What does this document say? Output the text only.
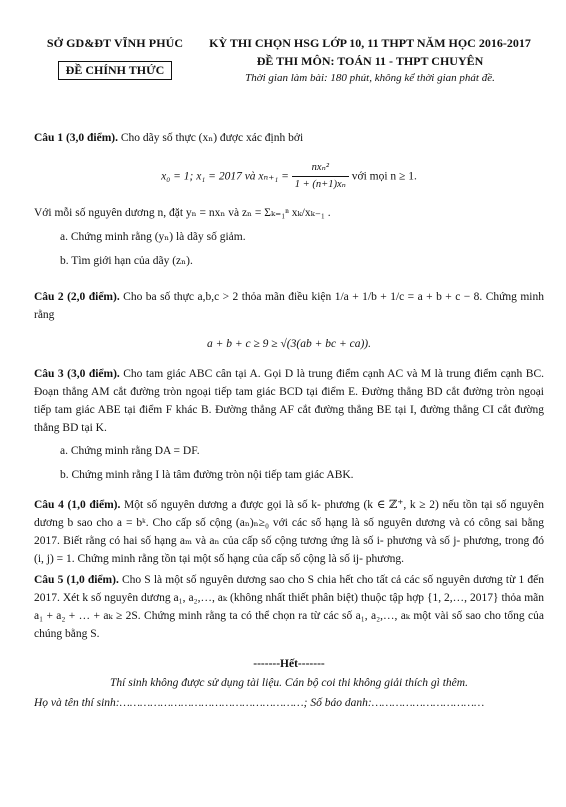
SỞ GD&ĐT VĨNH PHÚC
ĐỀ CHÍNH THỨC
KỲ THI CHỌN HSG LỚP 10, 11 THPT NĂM HỌC 2016-2017
ĐỀ THI MÔN: TOÁN 11 - THPT CHUYÊN
Thời gian làm bài: 180 phút, không kể thời gian phát đề.

Câu 1 (3,0 điểm). Cho dãy số thực (xₙ) được xác định bởi

x₀ = 1; x₁ = 2017 và $x_{n+1} = \frac{\text{nxₙ²}}{\text{1 + (n+1)xₙ}}$ với mọi n ≥ 1.

Với mỗi số nguyên dương n, đặt yₙ = nxₙ và zₙ = Σₖ₌₁ⁿ xₖ/xₖ₋₁ .

a. Chứng minh rằng (yₙ) là dãy số giảm.

b. Tìm giới hạn của dãy (zₙ).

Câu 2 (2,0 điểm). Cho ba số thực a,b,c > 2 thỏa mãn điều kiện 1/a + 1/b + 1/c = a + b + c − 8. Chứng minh rằng

a + b + c ≥ 9 ≥ √(3(ab + bc + ca)).

Câu 3 (3,0 điểm). Cho tam giác ABC cân tại A. Gọi D là trung điểm cạnh AC và M là trung điểm cạnh BC. Đoạn thẳng AM cắt đường tròn ngoại tiếp tam giác BCD tại điểm E. Đường thẳng BD cắt đường tròn ngoại tiếp tam giác ABE tại điểm F khác B. Đường thẳng AF cắt đường thẳng BE tại I, đường thẳng CI cắt đường thẳng BD tại K.

a. Chứng minh rằng DA = DF.

b. Chứng minh rằng I là tâm đường tròn nội tiếp tam giác ABK.

Câu 4 (1,0 điểm). Một số nguyên dương a được gọi là số k- phương (k ∈ ℤ⁺, k ≥ 2) nếu tồn tại số nguyên dương b sao cho a = bᵏ. Cho cấp số cộng (aₙ)ₙ≥₀ với các số hạng là số nguyên dương và có công sai bằng 2017. Biết rằng có hai số hạng aₘ và aₙ của cấp số cộng tương ứng là số i- phương và số j- phương, trong đó (i, j) = 1. Chứng minh rằng tồn tại một số hạng của cấp số cộng là số ij- phương.

Câu 5 (1,0 điểm). Cho S là một số nguyên dương sao cho S chia hết cho tất cả các số nguyên dương từ 1 đến 2017. Xét k số nguyên dương a₁, a₂,…, aₖ (không nhất thiết phân biệt) thuộc tập hợp {1, 2,…, 2017} thỏa mãn a₁ + a₂ + … + aₖ ≥ 2S. Chứng minh rằng ta có thể chọn ra từ các số a₁, a₂,…, aₖ một vài số sao cho tổng của chúng bằng S.

-------Hết-------
Thí sinh không được sử dụng tài liệu. Cán bộ coi thi không giải thích gì thêm.
Họ và tên thí sinh:………………………………………………; Số báo danh:……………………………
